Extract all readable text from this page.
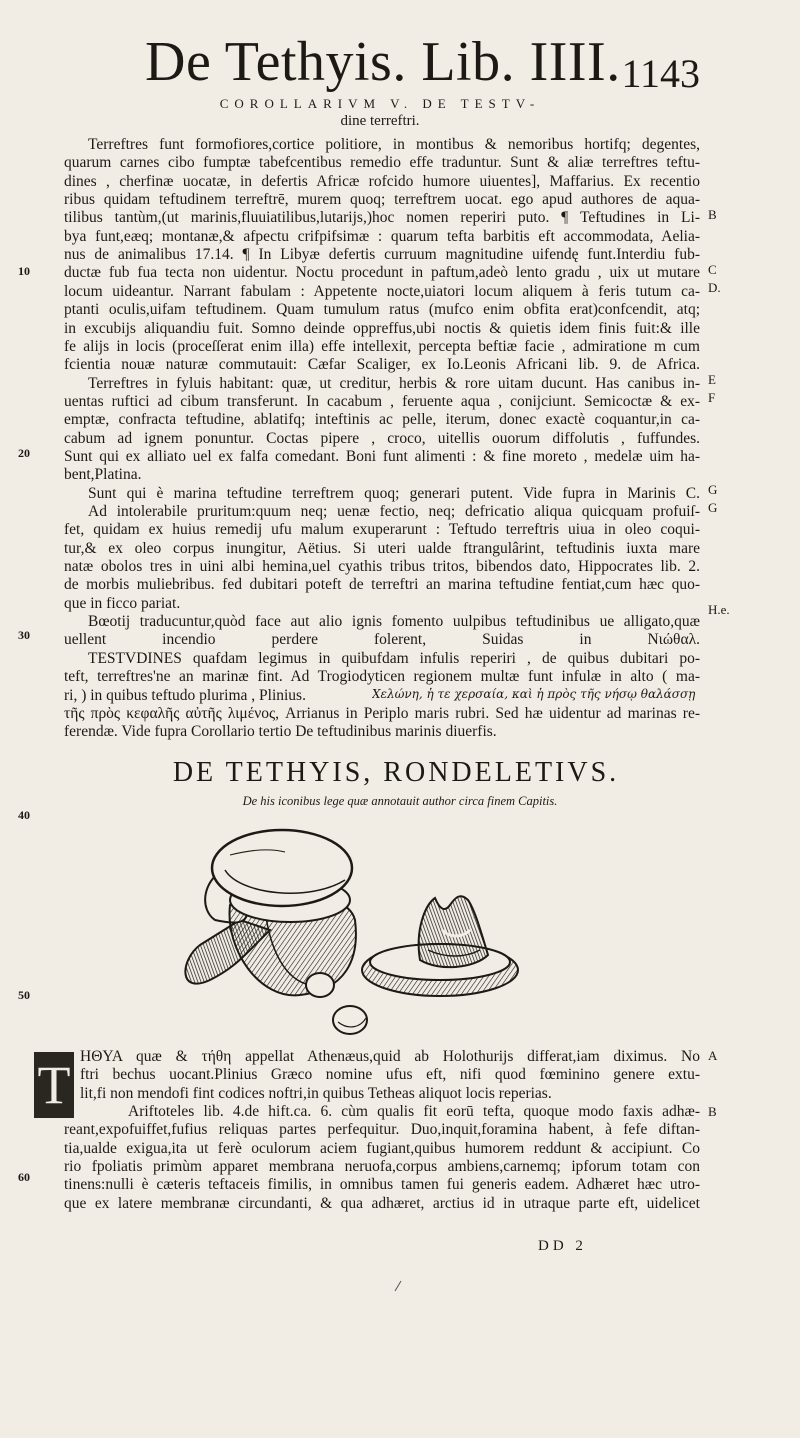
De Tethyis. Lib. IIII. 1143
COROLLARIVM V. DE TESTV-
dine terreftri.
Terreftres funt formofiores,cortice politiore, in montibus & nemoribus hortifq; degentes,
quarum carnes cibo fumptæ tabefcentibus remedio effe traduntur. Sunt & aliæ terreftres teftu-
dines , cherfinæ uocatæ, in defertis Africæ rofcido humore uiuentes], Maffarius. Ex recentio
ribus quidam teftudinem terreftrē, murem quoq; terreftrem uocat. ego apud authores de aqua-
tilibus tantùm,(ut marinis,fluuiatilibus,lutarijs,)hoc nomen reperiri puto. ¶ Teftudines in Li-
bya funt,eæq; montanæ,& afpectu crifpifsimæ : quarum tefta barbitis eft accommodata, Aelia-
nus de animalibus 17.14. ¶ In Libyæ defertis curruum magnitudine uifendę funt.Interdiu fub-
ductæ fub fua tecta non uidentur. Noctu procedunt in paftum,adeò lento gradu , uix ut mutare
locum uideantur. Narrant fabulam : Appetente nocte,uiatori locum aliquem à feris tutum ca-
ptanti oculis,uifam teftudinem. Quam tumulum ratus (mufco enim obfita erat)confcendit, atq;
in excubijs aliquandiu fuit. Somno deinde oppreffus,ubi noctis & quietis idem finis fuit:& ille
fe alijs in locis (proceſſerat enim illa) effe intellexit, percepta beftiæ facie , admiratione m cum
fcientia nouæ naturæ commutauit: Cæfar Scaliger, ex Io.Leonis Africani lib. 9. de Africa.
Terreftres in fyluis habitant: quæ, ut creditur, herbis & rore uitam ducunt. Has canibus in-
uentas ruftici ad cibum transferunt. In cacabum , feruente aqua , conijciunt. Semicoctæ & ex-
emptæ, confracta teftudine, ablatifq; inteftinis ac pelle, iterum, donec exactè coquantur,in ca-
cabum ad ignem ponuntur. Coctas pipere , croco, uitellis ouorum diffolutis , fuffundes.
Sunt qui ex alliato uel ex falfa comedant. Boni funt alimenti : & fine moreto , medelæ uim ha-
bent,Platina.
Sunt qui è marina teftudine terreftrem quoq; generari putent. Vide fupra in Marinis C.
Ad intolerabile pruritum:quum neq; uenæ fectio, neq; defricatio aliqua quicquam profuiſ-
fet, quidam ex huius remedij ufu malum exuperarunt : Teftudo terreftris uiua in oleo coqui-
tur,& ex oleo corpus inungitur, Aëtius. Si uteri ualde ftrangulârint, teftudinis iuxta mare
natæ obolos tres in uini albi hemina,uel cyathis tribus tritos, bibendos dato, Hippocrates lib. 2.
de morbis muliebribus. fed dubitari poteft de terreftri an marina teftudine fentiat,cum hæc quo-
que in ficco pariat.
Bœotij traducuntur,quòd face aut alio ignis fomento uulpibus teftudinibus ue alligato,quæ
uellent incendio perdere folerent, Suidas in Νιώθαλ.
TESTVDINES quafdam legimus in quibufdam infulis reperiri , de quibus dubitari po-
teft, terreftres'ne an marinæ fint. Ad Trogiodyticen regionem multæ funt infulæ in alto ( ma-
ri, ) in quibus teftudo plurima , Plinius.
τῆς πρὸς κεφαλῆς αὐτῆς λιμένος, Arrianus in Periplo maris rubri. Sed hæ uidentur ad marinas re-
ferendæ. Vide fupra Corollario tertio De teftudinibus marinis diuerfis.
Χελώνη, ἡ τε χερσαία, καὶ ἡ πρὸς τῆς νήσῳ θαλάσσῃ
B
C
D.
E
F
G
G
H.e.
A
B
10
20
30
40
50
60
DE TETHYIS, RONDELETIVS.
De his iconibus lege quæ annotauit author circa finem Capitis.
T HΘYA quæ & τήθη appellat Athenæus,quid ab Holothurijs differat,iam diximus. No
ftri bechus uocant.Plinius Græco nomine ufus eft, nifi quod fœminino genere extu-
lit,fi non mendofi fint codices noftri,in quibus Tetheas aliquot locis reperias.
Ariftoteles lib. 4.de hift.ca. 6. cùm qualis fit eorū tefta, quoque modo faxis adhæ-
reant,expofuiffet,fufius reliquas partes perfequitur. Duo,inquit,foramina habent, à fefe diftan-
tia,ualde exigua,ita ut ferè oculorum aciem fugiant,quibus humorem reddunt & accipiunt. Co
rio fpoliatis primùm apparet membrana neruofa,corpus ambiens,carnemq; ipforum totam con
tinens:nulli è cæteris teftaceis fimilis, in omnibus tamen fui generis eadem. Adhæret hæc utro-
que ex latere membranæ circundanti, & qua adhæret, arctius id in utraque parte eft, uidelicet
DD 2
